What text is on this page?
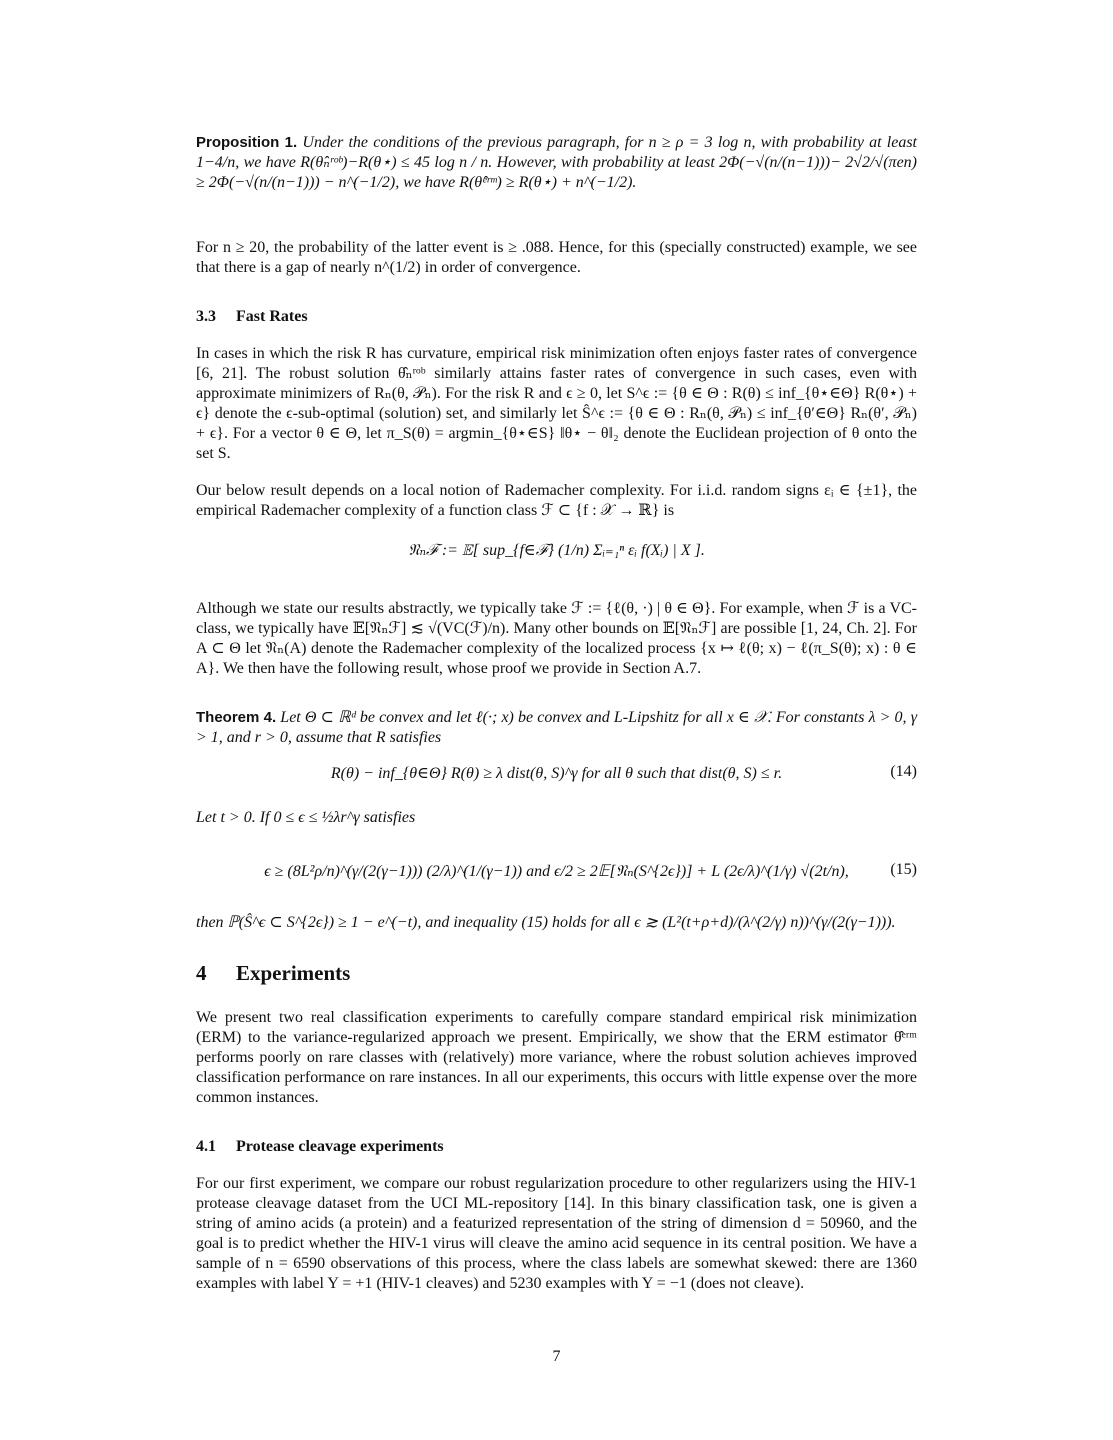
Proposition 1. Under the conditions of the previous paragraph, for n ≥ ρ = 3 log n, with probability at least 1−4/n, we have R(θ̂ₙʳᵒᵇ)−R(θ⋆) ≤ 45 log n / n. However, with probability at least 2Φ(−√(n/(n−1)))− 2√2/√(πen) ≥ 2Φ(−√(n/(n−1))) − n^(−1/2), we have R(θ̂ᵉʳᵐ) ≥ R(θ⋆) + n^(−1/2).
For n ≥ 20, the probability of the latter event is ≥ .088. Hence, for this (specially constructed) example, we see that there is a gap of nearly n^(1/2) in order of convergence.
3.3 Fast Rates
In cases in which the risk R has curvature, empirical risk minimization often enjoys faster rates of convergence [6, 21]. The robust solution θ̂ₙʳᵒᵇ similarly attains faster rates of convergence in such cases, even with approximate minimizers of Rₙ(θ, 𝒫ₙ). For the risk R and ϵ ≥ 0, let S^ϵ := {θ ∈ Θ : R(θ) ≤ inf_{θ⋆∈Θ} R(θ⋆) + ϵ} denote the ϵ-sub-optimal (solution) set, and similarly let Ŝ^ϵ := {θ ∈ Θ : Rₙ(θ, 𝒫ₙ) ≤ inf_{θ′∈Θ} Rₙ(θ′, 𝒫ₙ) + ϵ}. For a vector θ ∈ Θ, let π_S(θ) = argmin_{θ⋆∈S} ‖θ⋆ − θ‖₂ denote the Euclidean projection of θ onto the set S.
Our below result depends on a local notion of Rademacher complexity. For i.i.d. random signs εᵢ ∈ {±1}, the empirical Rademacher complexity of a function class ℱ ⊂ {f : 𝒳 → ℝ} is
𝔑ₙℱ := 𝔼[ sup_{f∈ℱ} (1/n) Σᵢ₌₁ⁿ εᵢ f(Xᵢ) | X ].
Although we state our results abstractly, we typically take ℱ := {ℓ(θ, ·) | θ ∈ Θ}. For example, when ℱ is a VC-class, we typically have 𝔼[𝔑ₙℱ] ≲ √(VC(ℱ)/n). Many other bounds on 𝔼[𝔑ₙℱ] are possible [1, 24, Ch. 2]. For A ⊂ Θ let 𝔑ₙ(A) denote the Rademacher complexity of the localized process {x ↦ ℓ(θ; x) − ℓ(π_S(θ); x) : θ ∈ A}. We then have the following result, whose proof we provide in Section A.7.
Theorem 4. Let Θ ⊂ ℝᵈ be convex and let ℓ(·; x) be convex and L-Lipshitz for all x ∈ 𝒳. For constants λ > 0, γ > 1, and r > 0, assume that R satisfies
R(θ) − inf_{θ∈Θ} R(θ) ≥ λ dist(θ, S)^γ for all θ such that dist(θ, S) ≤ r.	(14)
Let t > 0. If 0 ≤ ϵ ≤ ½λr^γ satisfies
ϵ ≥ (8L²ρ/n)^(γ/(2(γ−1))) (2/λ)^(1/(γ−1)) and ϵ/2 ≥ 2𝔼[𝔑ₙ(S^{2ϵ})] + L (2ϵ/λ)^(1/γ) √(2t/n),	(15)
then ℙ(Ŝ^ϵ ⊂ S^{2ϵ}) ≥ 1 − e^(−t), and inequality (15) holds for all ϵ ≳ (L²(t+ρ+d)/(λ^(2/γ) n))^(γ/(2(γ−1))).
4 Experiments
We present two real classification experiments to carefully compare standard empirical risk minimization (ERM) to the variance-regularized approach we present. Empirically, we show that the ERM estimator θ̂ᵉʳᵐ performs poorly on rare classes with (relatively) more variance, where the robust solution achieves improved classification performance on rare instances. In all our experiments, this occurs with little expense over the more common instances.
4.1 Protease cleavage experiments
For our first experiment, we compare our robust regularization procedure to other regularizers using the HIV-1 protease cleavage dataset from the UCI ML-repository [14]. In this binary classification task, one is given a string of amino acids (a protein) and a featurized representation of the string of dimension d = 50960, and the goal is to predict whether the HIV-1 virus will cleave the amino acid sequence in its central position. We have a sample of n = 6590 observations of this process, where the class labels are somewhat skewed: there are 1360 examples with label Y = +1 (HIV-1 cleaves) and 5230 examples with Y = −1 (does not cleave).
7
